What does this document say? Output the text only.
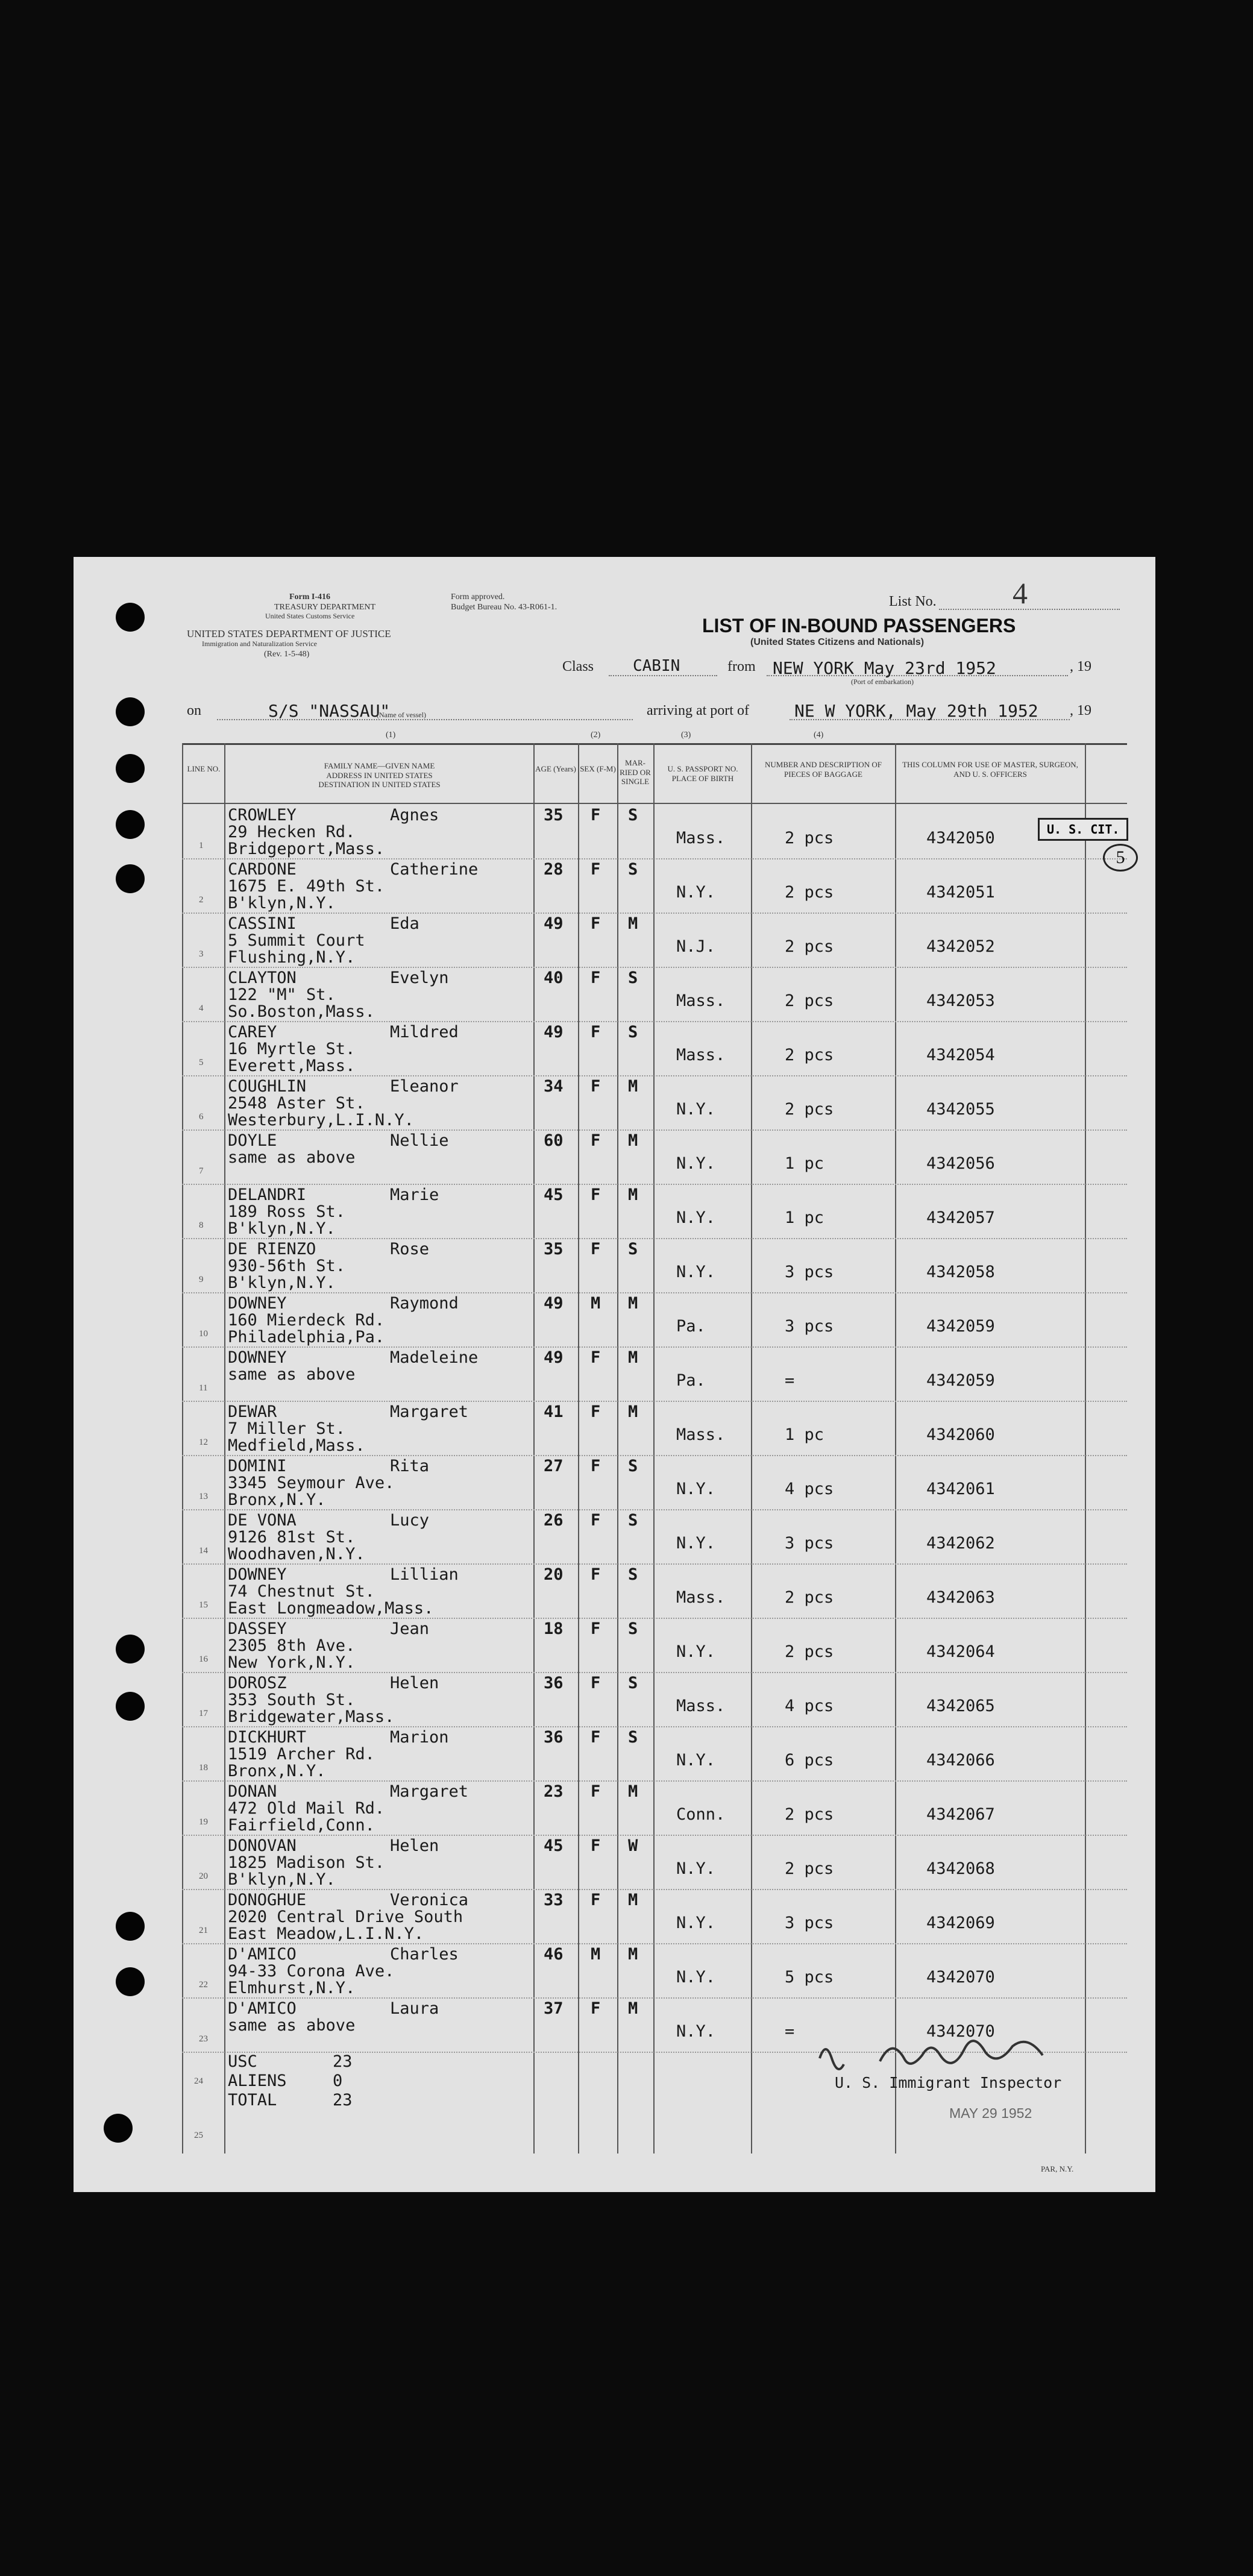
Form I-416
TREASURY DEPARTMENT
United States Customs Service
Form approved.
Budget Bureau No. 43-R061-1.
UNITED STATES DEPARTMENT OF JUSTICE
Immigration and Naturalization Service
(Rev. 1-5-48)
List No.	4
LIST OF IN-BOUND PASSENGERS
(United States Citizens and Nationals)
Class CABIN	from NEW YORK May 23rd 1952	, 19
(Port of embarkation)
on	S/S "NASSAU"
(Name of vessel)	arriving at port of	NE W YORK, May 29th 1952 , 19
(1)	(2)	(3)	(4)
LINE NO.	FAMILY NAME—GIVEN NAME
ADDRESS IN UNITED STATES
DESTINATION IN UNITED STATES
AGE (Years) SEX (F-M)
MAR-RIED OR SINGLE
U. S. PASSPORT NO.
PLACE OF BIRTH
NUMBER AND DESCRIPTION OF PIECES OF BAGGAGE
THIS COLUMN FOR USE OF MASTER, SURGEON, AND U. S. OFFICERS
1
CROWLEY	Agnes
29 Hecken Rd.
Bridgeport,Mass.
35 F S
Mass.	2 pcs	4342050
2
CARDONE	Catherine
1675 E. 49th St.
B'klyn,N.Y.
28 F S
N.Y.	2 pcs	4342051
3
CASSINI	Eda
5 Summit Court
Flushing,N.Y.
49 F M
N.J.	2 pcs	4342052
4
CLAYTON	Evelyn
122 "M" St.
So.Boston,Mass.
40 F S
Mass.	2 pcs	4342053
5
CAREY	Mildred
16 Myrtle St.
Everett,Mass.
49 F S
Mass.	2 pcs	4342054
6
COUGHLIN	Eleanor
2548 Aster St.
Westerbury,L.I.N.Y.
34 F M
N.Y.	2 pcs	4342055
7
DOYLE	Nellie
same as above
60 F M
N.Y.	1 pc	4342056
8
DELANDRI	Marie
189 Ross St.
B'klyn,N.Y.
45 F M
N.Y.	1 pc	4342057
9
DE RIENZO	Rose
930-56th St.
B'klyn,N.Y.
35 F S
N.Y.	3 pcs	4342058
10
DOWNEY	Raymond
160 Mierdeck Rd.
Philadelphia,Pa.
49 M M
Pa.	3 pcs	4342059
11
DOWNEY	Madeleine
same as above
49 F M
Pa.	=	4342059
12
DEWAR	Margaret
7 Miller St.
Medfield,Mass.
41 F M
Mass.	1 pc	4342060
13
DOMINI	Rita
3345 Seymour Ave.
Bronx,N.Y.
27 F S
N.Y.	4 pcs	4342061
14
DE VONA	Lucy
9126 81st St.
Woodhaven,N.Y.
26 F S
N.Y.	3 pcs	4342062
15
DOWNEY	Lillian
74 Chestnut St.
East Longmeadow,Mass.
20 F S
Mass.	2 pcs	4342063
16
DASSEY	Jean
2305 8th Ave.
New York,N.Y.
18 F S
N.Y.	2 pcs	4342064
17
DOROSZ	Helen
353 South St.
Bridgewater,Mass.
36 F S
Mass.	4 pcs	4342065
18
DICKHURT	Marion
1519 Archer Rd.
Bronx,N.Y.
36 F S
N.Y.	6 pcs	4342066
19
DONAN	Margaret
472 Old Mail Rd.
Fairfield,Conn.
23 F M
Conn.	2 pcs	4342067
20
DONOVAN	Helen
1825 Madison St.
B'klyn,N.Y.
45 F W
N.Y.	2 pcs	4342068
21
DONOGHUE	Veronica
2020 Central Drive South
East Meadow,L.I.N.Y.
33 F M
N.Y.	3 pcs	4342069
22
D'AMICO	Charles
94-33 Corona Ave.
Elmhurst,N.Y.
46 M M
N.Y.	5 pcs	4342070
23
D'AMICO	Laura
same as above
37 F M
N.Y.	=	4342070
USC	23
ALIENS	0
TOTAL	23
24
25
U. S. CIT.
5
U. S. Immigrant Inspector
MAY 29 1952
PAR, N.Y.
